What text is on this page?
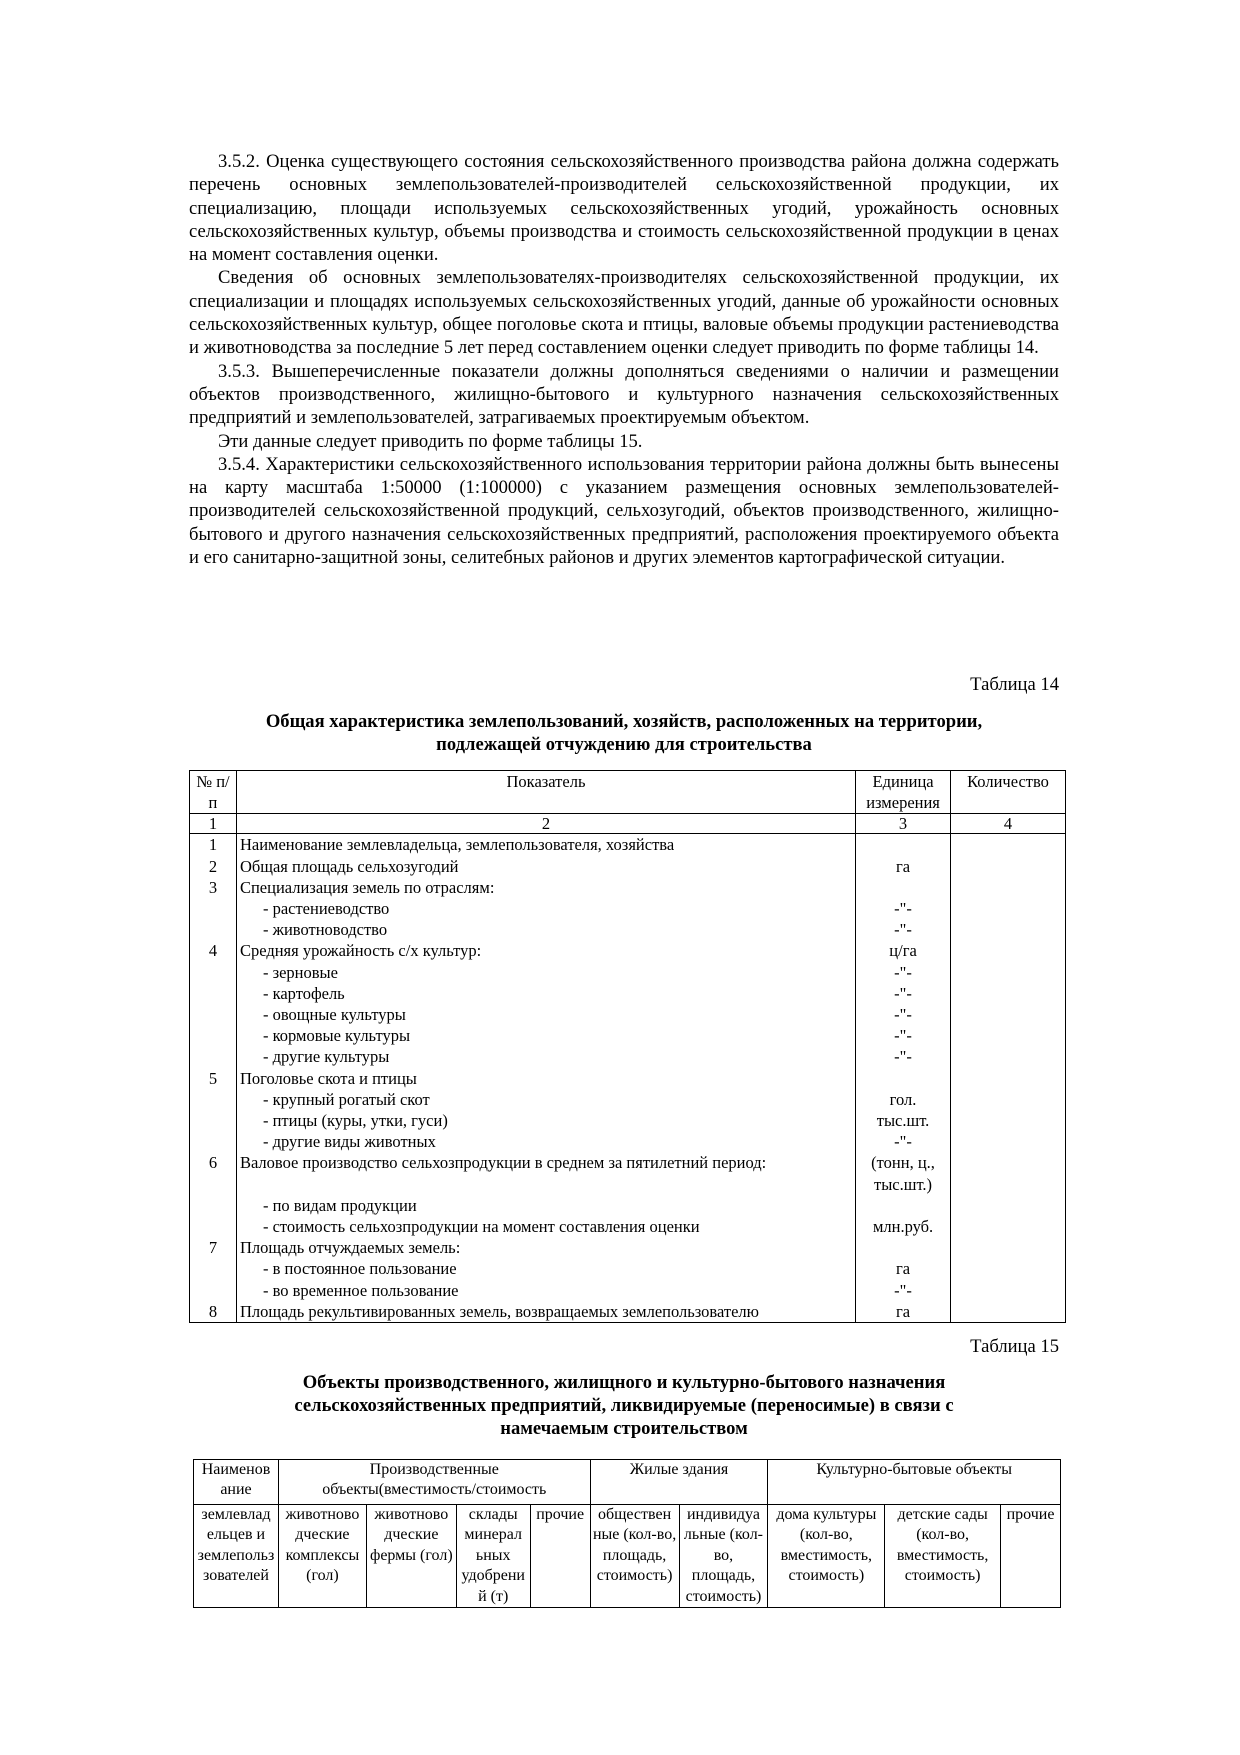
3.5.2. Оценка существующего состояния сельскохозяйственного производства района должна содержать перечень основных землепользователей-производителей сельскохозяйственной продукции, их специализацию, площади используемых сельскохозяйственных угодий, урожайность основных сельскохозяйственных культур, объемы производства и стоимость сельскохозяйственной продукции в ценах на момент составления оценки.

Сведения об основных землепользователях-производителях сельскохозяйственной продукции, их специализации и площадях используемых сельскохозяйственных угодий, данные об урожайности основных сельскохозяйственных культур, общее поголовье скота и птицы, валовые объемы продукции растениеводства и животноводства за последние 5 лет перед составлением оценки следует приводить по форме таблицы 14.

3.5.3. Вышеперечисленные показатели должны дополняться сведениями о наличии и размещении объектов производственного, жилищно-бытового и культурного назначения сельскохозяйственных предприятий и землепользователей, затрагиваемых проектируемым объектом.

Эти данные следует приводить по форме таблицы 15.

3.5.4. Характеристики сельскохозяйственного использования территории района должны быть вынесены на карту масштаба 1:50000 (1:100000) с указанием размещения основных землепользователей-производителей сельскохозяйственной продукций, сельхозугодий, объектов производственного, жилищно-бытового и другого назначения сельскохозяйственных предприятий, расположения проектируемого объекта и его санитарно-защитной зоны, селитебных районов и других элементов картографической ситуации.

Таблица 14
Общая характеристика землепользований, хозяйств, расположенных на территории, подлежащей отчуждению для строительства
№ п/п	Показатель	Единица измерения	Количество
1	2	3	4
1	Наименование землевладельца, землепользователя, хозяйства		
2	Общая площадь сельхозугодий	га	
3	Специализация земель по отраслям:		
	- растениеводство	-"-	
	- животноводство	-"-	
4	Средняя урожайность с/х культур:	ц/га	
	- зерновые	-"-	
	- картофель	-"-	
	- овощные культуры	-"-	
	- кормовые культуры	-"-	
	- другие культуры	-"-	
5	Поголовье скота и птицы		
	- крупный рогатый скот	гол.	
	- птицы (куры, утки, гуси)	тыс.шт.	
	- другие виды животных	-"-	
6	Валовое производство сельхозпродукции в среднем за пятилетний период:	(тонн, ц., тыс.шт.)	
	- по видам продукции		
	- стоимость сельхозпродукции на момент составления оценки	млн.руб.	
7	Площадь отчуждаемых земель:		
	- в постоянное пользование	га	
	- во временное пользование	-"-	
8	Площадь рекультивированных земель, возвращаемых землепользователю	га	
Таблица 15
Объекты производственного, жилищного и культурно-бытового назначения
сельскохозяйственных предприятий, ликвидируемые (переносимые) в связи с
намечаемым строительством
Наименов ание	Производственные объекты(вместимость/стоимость				Жилые здания		Культурно-бытовые объекты		
землевлад ельцев и землепольз зователей	животново дческие комплексы (гол)	животново дческие фермы (гол)	склады минерал ьных удобрени й (т)	прочие	обществен ные (кол-во, площадь, стоимость)	индивидуа льные (кол-во, площадь, стоимость)	дома культуры (кол-во, вместимость, стоимость)	детские сады (кол-во, вместимость, стоимость)	прочие
